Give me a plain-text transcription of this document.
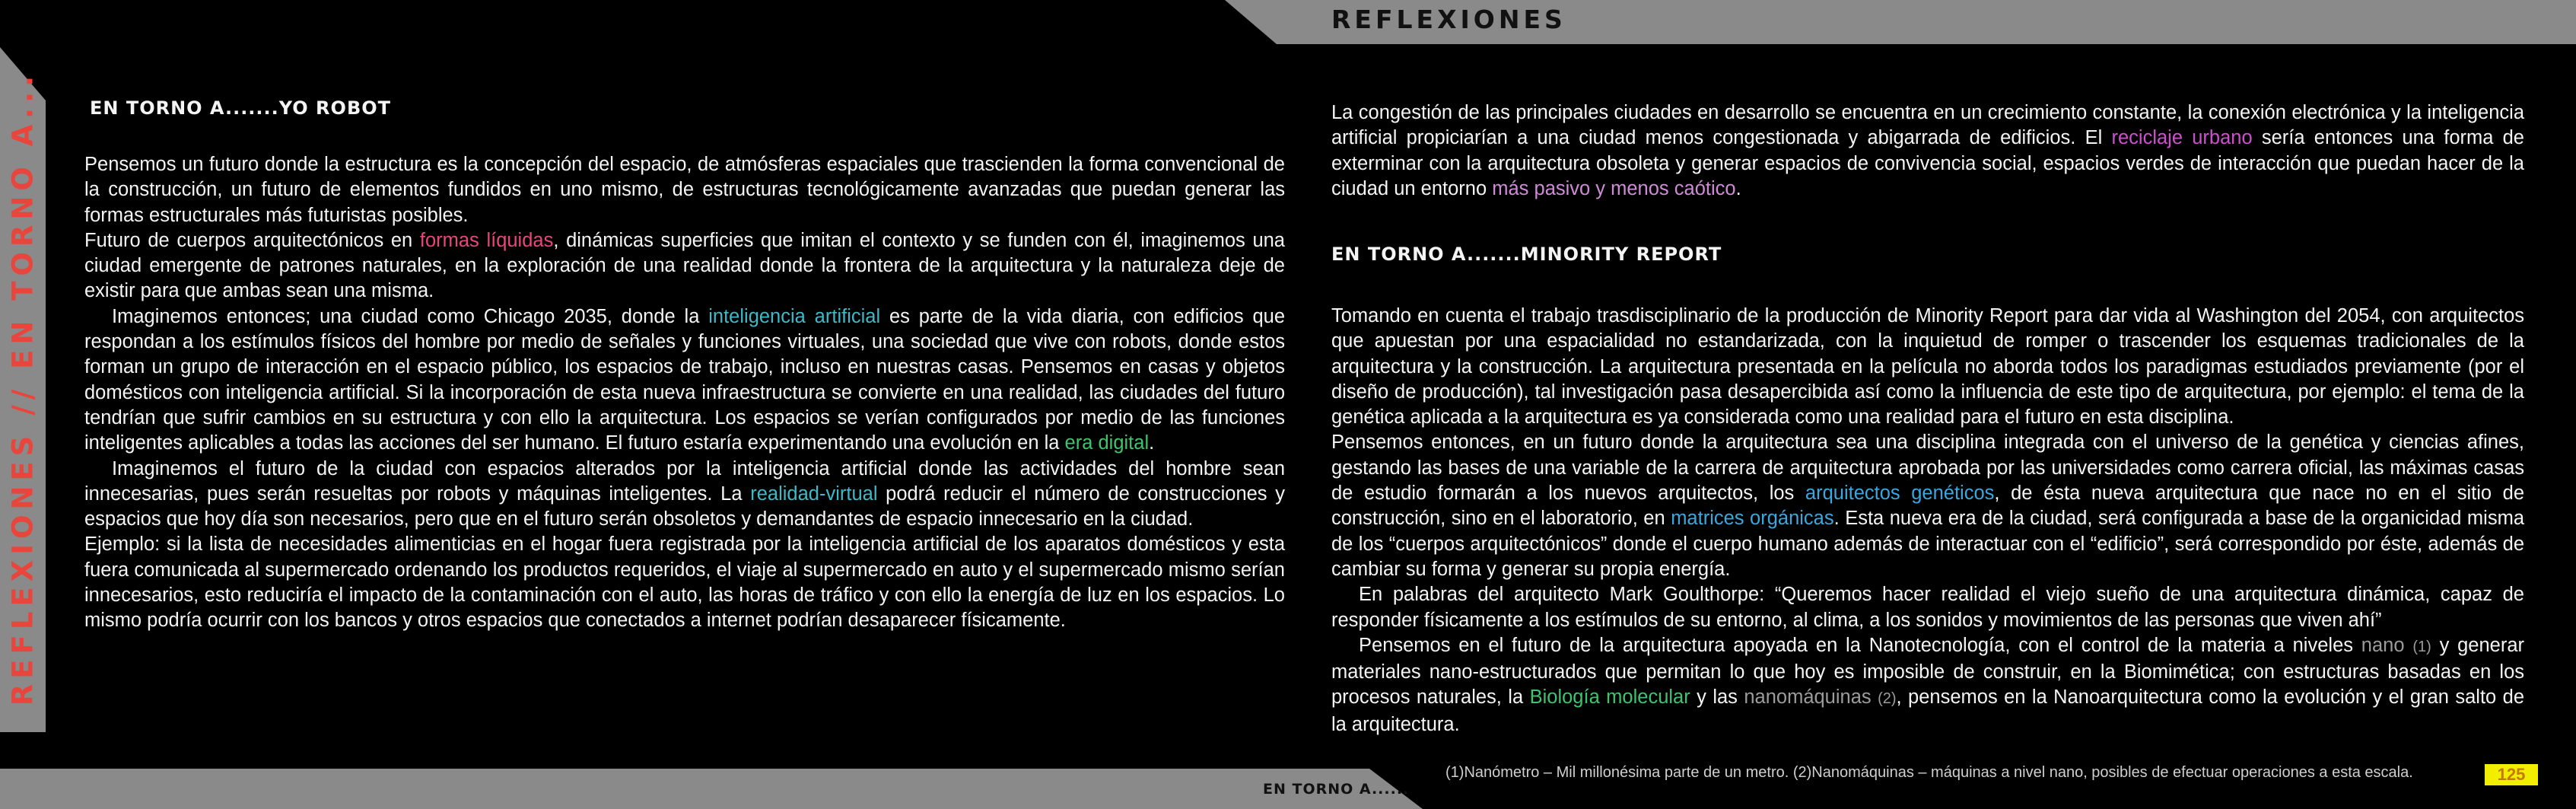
REFLEXIONES
REFLEXIONES // EN TORNO A...
EN TORNO A......
(1)Nanómetro – Mil millonésima parte de un metro. (2)Nanomáquinas – máquinas a nivel nano, posibles de efectuar operaciones a esta escala.	125
EN TORNO A.......YO ROBOT

Pensemos un futuro donde la estructura es la concepción del espacio, de atmósferas espaciales que trascienden la forma convencional de la construcción, un futuro de elementos fundidos en uno mismo, de estructuras tecnológicamente avanzadas que puedan generar las formas estructurales más futuristas posibles.

Futuro de cuerpos arquitectónicos en formas líquidas, dinámicas superficies que imitan el contexto y se funden con él, imaginemos una ciudad emergente de patrones naturales, en la exploración de una realidad donde la frontera de la arquitectura y la naturaleza deje de existir para que ambas sean una misma.

Imaginemos entonces; una ciudad como Chicago 2035, donde la inteligencia artificial es parte de la vida diaria, con edificios que respondan a los estímulos físicos del hombre por medio de señales y funciones virtuales, una sociedad que vive con robots, donde estos forman un grupo de interacción en el espacio público, los espacios de trabajo, incluso en nuestras casas. Pensemos en casas y objetos domésticos con inteligencia artificial. Si la incorporación de esta nueva infraestructura se convierte en una realidad, las ciudades del futuro tendrían que sufrir cambios en su estructura y con ello la arquitectura. Los espacios se verían configurados por medio de las funciones inteligentes aplicables a todas las acciones del ser humano. El futuro estaría experimentando una evolución en la era digital.

Imaginemos el futuro de la ciudad con espacios alterados por la inteligencia artificial donde las actividades del hombre sean innecesarias, pues serán resueltas por robots y máquinas inteligentes. La realidad-virtual podrá reducir el número de construcciones y espacios que hoy día son necesarios, pero que en el futuro serán obsoletos y demandantes de espacio innecesario en la ciudad.

Ejemplo: si la lista de necesidades alimenticias en el hogar fuera registrada por la inteligencia artificial de los aparatos domésticos y esta fuera comunicada al supermercado ordenando los productos requeridos, el viaje al supermercado en auto y el supermercado mismo serían innecesarios, esto reduciría el impacto de la contaminación con el auto, las horas de tráfico y con ello la energía de luz en los espacios. Lo mismo podría ocurrir con los bancos y otros espacios que conectados a internet podrían desaparecer físicamente.

La congestión de las principales ciudades en desarrollo se encuentra en un crecimiento constante, la conexión electrónica y la inteligencia artificial propiciarían a una ciudad menos congestionada y abigarrada de edificios. El reciclaje urbano sería entonces una forma de exterminar con la arquitectura obsoleta y generar espacios de convivencia social, espacios verdes de interacción que puedan hacer de la ciudad un entorno más pasivo y menos caótico.

EN TORNO A.......MINORITY REPORT

Tomando en cuenta el trabajo trasdisciplinario de la producción de Minority Report para dar vida al Washington del 2054, con arquitectos que apuestan por una espacialidad no estandarizada, con la inquietud de romper o trascender los esquemas tradicionales de la arquitectura y la construcción. La arquitectura presentada en la película no aborda todos los paradigmas estudiados previamente (por el diseño de producción), tal investigación pasa desapercibida así como la influencia de este tipo de arquitectura, por ejemplo: el tema de la genética aplicada a la arquitectura es ya considerada como una realidad para el futuro en esta disciplina.

Pensemos entonces, en un futuro donde la arquitectura sea una disciplina integrada con el universo de la genética y ciencias afines, gestando las bases de una variable de la carrera de arquitectura aprobada por las universidades como carrera oficial, las máximas casas de estudio formarán a los nuevos arquitectos, los arquitectos genéticos, de ésta nueva arquitectura que nace no en el sitio de construcción, sino en el laboratorio, en matrices orgánicas. Esta nueva era de la ciudad, será configurada a base de la organicidad misma de los “cuerpos arquitectónicos” donde el cuerpo humano además de interactuar con el “edificio”, será correspondido por éste, además de cambiar su forma y generar su propia energía.

En palabras del arquitecto Mark Goulthorpe: “Queremos hacer realidad el viejo sueño de una arquitectura dinámica, capaz de responder físicamente a los estímulos de su entorno, al clima, a los sonidos y movimientos de las personas que viven ahí”

Pensemos en el futuro de la arquitectura apoyada en la Nanotecnología, con el control de la materia a niveles nano (1) y generar materiales nano-estructurados que permitan lo que hoy es imposible de construir, en la Biomimética; con estructuras basadas en los procesos naturales, la Biología molecular y las nanomáquinas (2), pensemos en la Nanoarquitectura como la evolución y el gran salto de la arquitectura.
